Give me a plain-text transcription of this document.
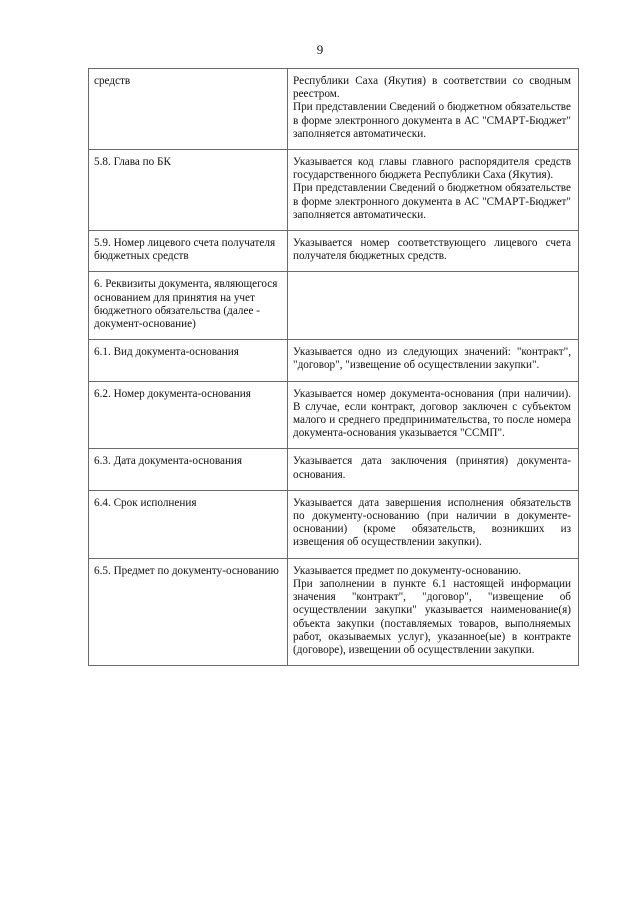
9
средств	Республики Саха (Якутия) в соответствии со сводным реестром.
При представлении Сведений о бюджетном обязательстве в форме электронного документа в АС "СМАРТ-Бюджет" заполняется автоматически.

5.8. Глава по БК	Указывается код главы главного распорядителя средств государственного бюджета Республики Саха (Якутия).
При представлении Сведений о бюджетном обязательстве в форме электронного документа в АС "СМАРТ-Бюджет" заполняется автоматически.

5.9. Номер лицевого счета получателя бюджетных средств	Указывается номер соответствующего лицевого счета получателя бюджетных средств.

6. Реквизиты документа, являющегося основанием для принятия на учет бюджетного обязательства (далее - документ-основание)	
6.1. Вид документа-основания	Указывается одно из следующих значений: "контракт", "договор", "извещение об осуществлении закупки".

6.2. Номер документа-основания	Указывается номер документа-основания (при наличии). В случае, если контракт, договор заключен с субъектом малого и среднего предпринимательства, то после номера документа-основания указывается "СCМП".

6.3. Дата документа-основания	Указывается дата заключения (принятия) документа-основания.

6.4. Срок исполнения	Указывается дата завершения исполнения обязательств по документу-основанию (при наличии в документе-основании) (кроме обязательств, возникших из извещения об осуществлении закупки).

6.5. Предмет по документу-основанию	Указывается предмет по документу-основанию.
При заполнении в пункте 6.1 настоящей информации значения "контракт", "договор", "извещение об осуществлении закупки" указывается наименование(я) объекта закупки (поставляемых товаров, выполняемых работ, оказываемых услуг), указанное(ые) в контракте (договоре), извещении об осуществлении закупки.
